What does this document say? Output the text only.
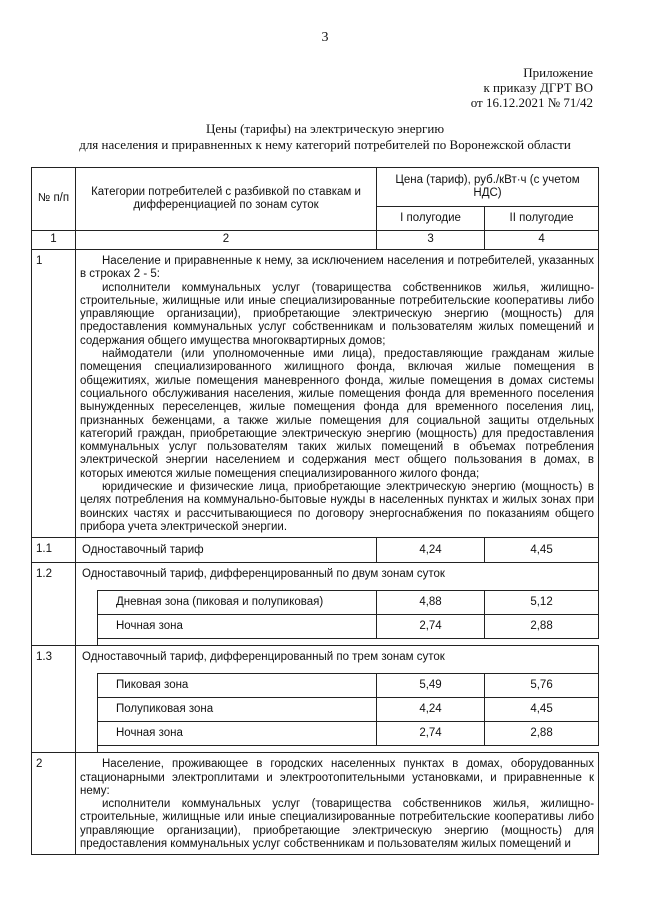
3
Приложение
к приказу ДГРТ ВО
от 16.12.2021 № 71/42
Цены (тарифы) на электрическую энергию
для населения и приравненных к нему категорий потребителей по Воронежской области
№ п/п	Категории потребителей с разбивкой по ставкам и дифференциацией по зонам суток		Цена (тариф), руб./кВт·ч (с учетом НДС)	
			I полугодие	II полугодие
1	2		3	4
1	Население и приравненные к нему, за исключением населения и потребителей, указанных в строках 2 - 5:

исполнители коммунальных услуг (товарищества собственников жилья, жилищно-строительные, жилищные или иные специализированные потребительские кооперативы либо управляющие организации), приобретающие электрическую энергию (мощность) для предоставления коммунальных услуг собственникам и пользователям жилых помещений и содержания общего имущества многоквартирных домов;

наймодатели (или уполномоченные ими лица), предоставляющие гражданам жилые помещения специализированного жилищного фонда, включая жилые помещения в общежитиях, жилые помещения маневренного фонда, жилые помещения в домах системы социального обслуживания населения, жилые помещения фонда для временного поселения вынужденных переселенцев, жилые помещения фонда для временного поселения лиц, признанных беженцами, а также жилые помещения для социальной защиты отдельных категорий граждан, приобретающие электрическую энергию (мощность) для предоставления коммунальных услуг пользователям таких жилых помещений в объемах потребления электрической энергии населением и содержания мест общего пользования в домах, в которых имеются жилые помещения специализированного жилого фонда;

юридические и физические лица, приобретающие электрическую энергию (мощность) в целях потребления на коммунально-бытовые нужды в населенных пунктах и жилых зонах при воинских частях и рассчитывающиеся по договору энергоснабжения по показаниям общего прибора учета электрической энергии.			

1.1	Одноставочный тариф		4,24	4,45
1.2	Одноставочный тариф, дифференцированный по двум зонам суток			
		Дневная зона (пиковая и полупиковая)	4,88	5,12
		Ночная зона	2,74	2,88

1.3	Одноставочный тариф, дифференцированный по трем зонам суток			
		Пиковая зона	5,49	5,76
		Полупиковая зона	4,24	4,45
		Ночная зона	2,74	2,88

2	Население, проживающее в городских населенных пунктах в домах, оборудованных стационарными электроплитами и электроотопительными установками, и приравненные к нему:

исполнители коммунальных услуг (товарищества собственников жилья, жилищно-строительные, жилищные или иные специализированные потребительские кооперативы либо управляющие организации), приобретающие электрическую энергию (мощность) для предоставления коммунальных услуг собственникам и пользователям жилых помещений и			
